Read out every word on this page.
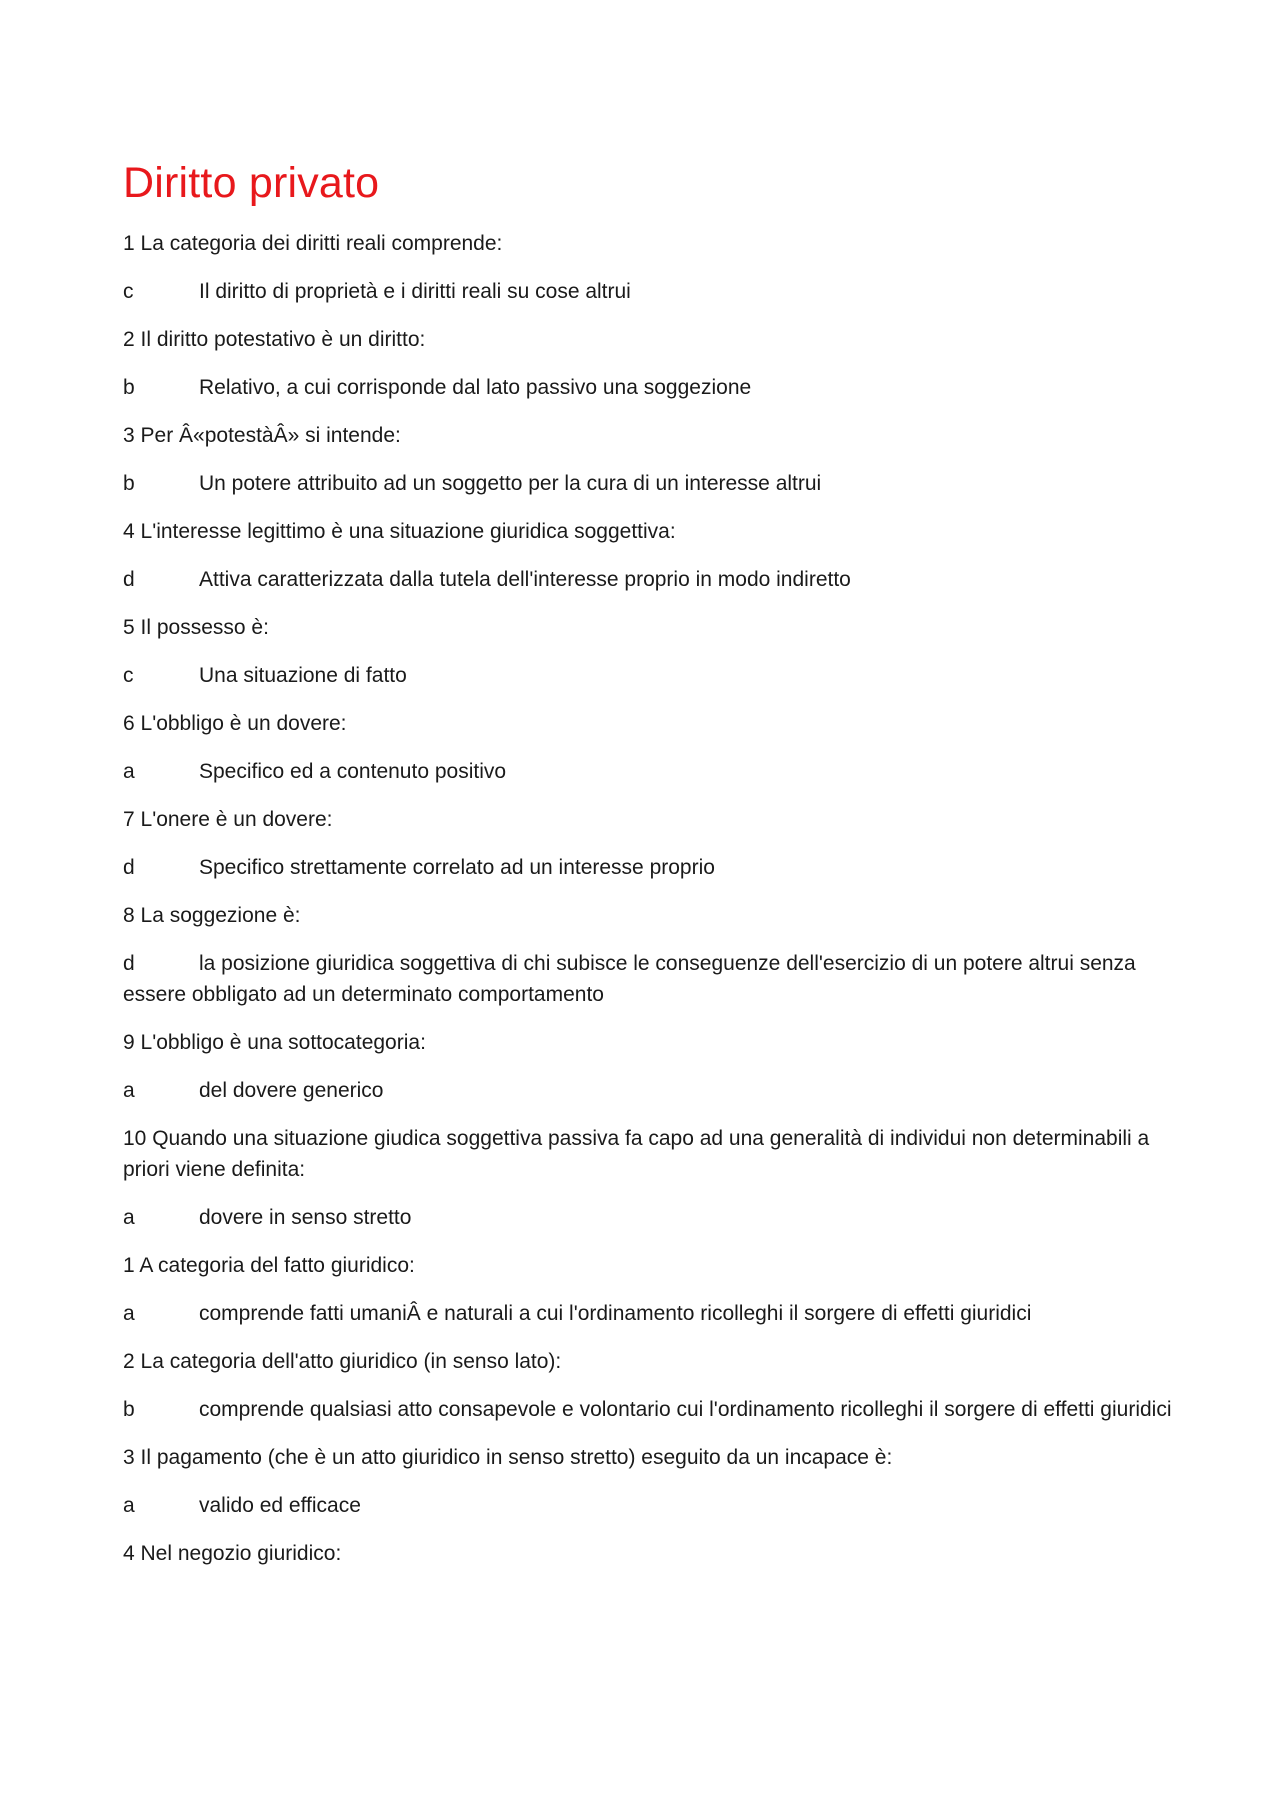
Diritto privato

1 La categoria dei diritti reali comprende:

c	Il diritto di proprietà e i diritti reali su cose altrui

2 Il diritto potestativo è un diritto:

b	Relativo, a cui corrisponde dal lato passivo una soggezione

3 Per Â«potestàÂ» si intende:

b	Un potere attribuito ad un soggetto per la cura di un interesse altrui

4 L'interesse legittimo è una situazione giuridica soggettiva:

d	Attiva caratterizzata dalla tutela dell'interesse proprio in modo indiretto

5 Il possesso è:

c	Una situazione di fatto

6 L'obbligo è un dovere:

a	Specifico ed a contenuto positivo

7 L'onere è un dovere:

d	Specifico strettamente correlato ad un interesse proprio

8 La soggezione è:

d	la posizione giuridica soggettiva di chi subisce le conseguenze dell'esercizio di un potere altrui senza essere obbligato ad un determinato comportamento

9 L'obbligo è una sottocategoria:

a	del dovere generico

10 Quando una situazione giudica soggettiva passiva fa capo ad una generalità di individui non determinabili a priori viene definita:

a	dovere in senso stretto

1 A categoria del fatto giuridico:

a	comprende fatti umaniÂ e naturali a cui l'ordinamento ricolleghi il sorgere di effetti giuridici

2 La categoria dell'atto giuridico (in senso lato):

b	comprende qualsiasi atto consapevole e volontario cui l'ordinamento ricolleghi il sorgere di effetti giuridici

3 Il pagamento (che è un atto giuridico in senso stretto) eseguito da un incapace è:

a	valido ed efficace

4 Nel negozio giuridico:
